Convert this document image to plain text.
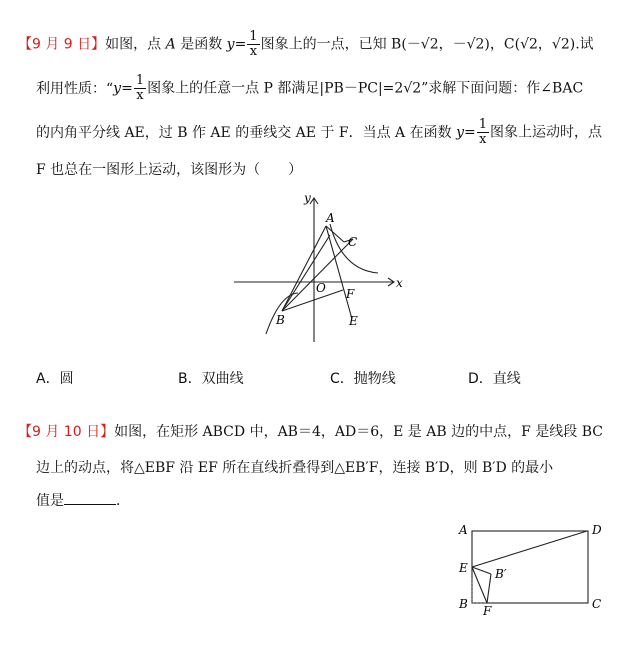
【9 月 9 日】如图，点 A 是函数 $y= \frac{1}{x}$ 图象上的一点，已知 B(－√2，－√2)，C(√2，√2).试
利用性质：“$y= \frac{1}{x}$ 图象上的任意一点 P 都满足|PB－PC|=2√2”求解下面问题：作∠BAC
的内角平分线 AE，过 B 作 AE 的垂线交 AE 于 F．当点 A 在函数 $y= \frac{1}{x}$ 图象上运动时，点
F 也总在一图形上运动，该图形为（　　）
y
x
A
C
O F
B	E
A．圆	B．双曲线	C．抛物线	D．直线
【9 月 10 日】如图，在矩形 ABCD 中，AB＝4，AD＝6，E 是 AB 边的中点，F 是线段 BC
边上的动点，将△EBF 沿 EF 所在直线折叠得到△EB′F，连接 B′D，则 B′D 的最小
值是	．
A	D
E B′
B F	C
